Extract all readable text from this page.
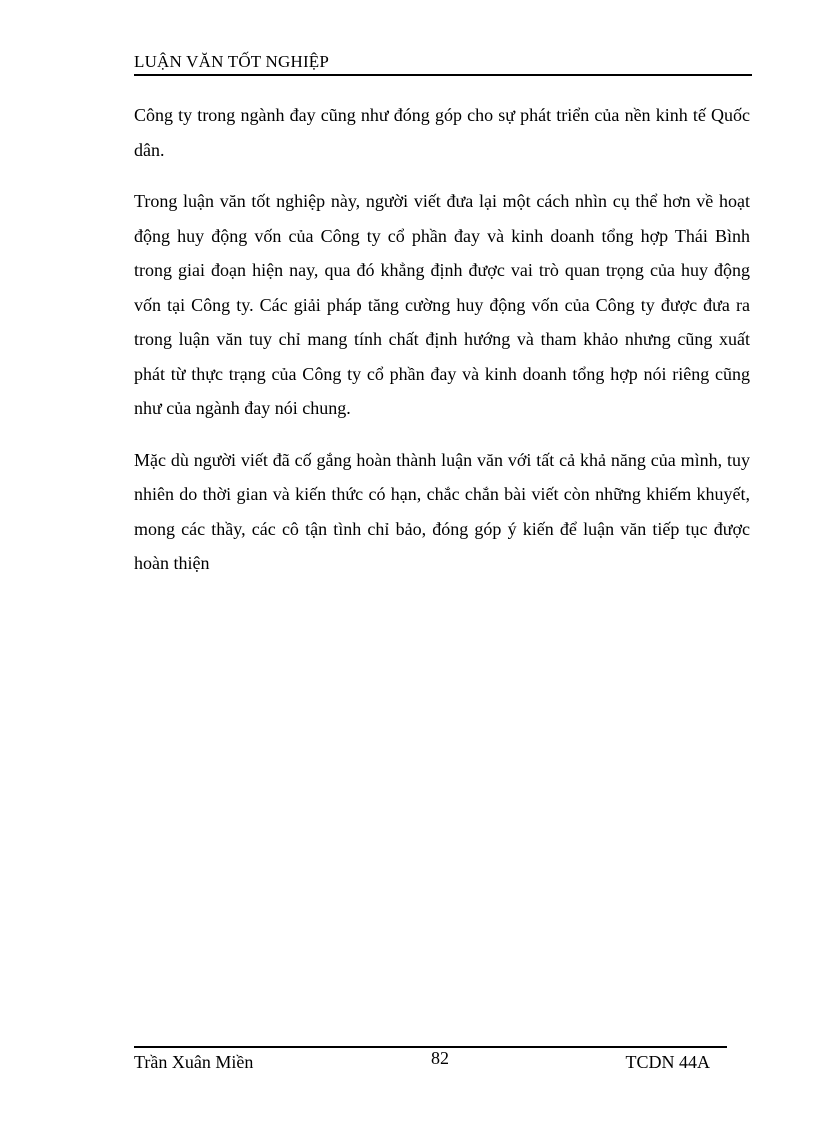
LUẬN VĂN TỐT NGHIỆP

Công ty trong ngành đay cũng như đóng góp cho sự phát triển của nền kinh tế Quốc dân.

Trong luận văn tốt nghiệp này, người viết đưa lại một cách nhìn cụ thể hơn về hoạt động huy động vốn của Công ty cổ phần đay và kinh doanh tổng hợp Thái Bình trong giai đoạn hiện nay, qua đó khẳng định được vai trò quan trọng của huy động vốn tại Công ty. Các giải pháp tăng cường huy động vốn của Công ty được đưa ra trong luận văn tuy chỉ mang tính chất định hướng và tham khảo nhưng cũng xuất phát từ thực trạng của Công ty cổ phần đay và kinh doanh tổng hợp nói riêng cũng như của ngành đay nói chung.

Mặc dù người viết đã cố gắng hoàn thành luận văn với tất cả khả năng của mình, tuy nhiên do thời gian và kiến thức có hạn, chắc chắn bài viết còn những khiếm khuyết, mong các thầy, các cô tận tình chỉ bảo, đóng góp ý kiến để luận văn tiếp tục được hoàn thiện

Trần Xuân Miền	82	TCDN 44A
